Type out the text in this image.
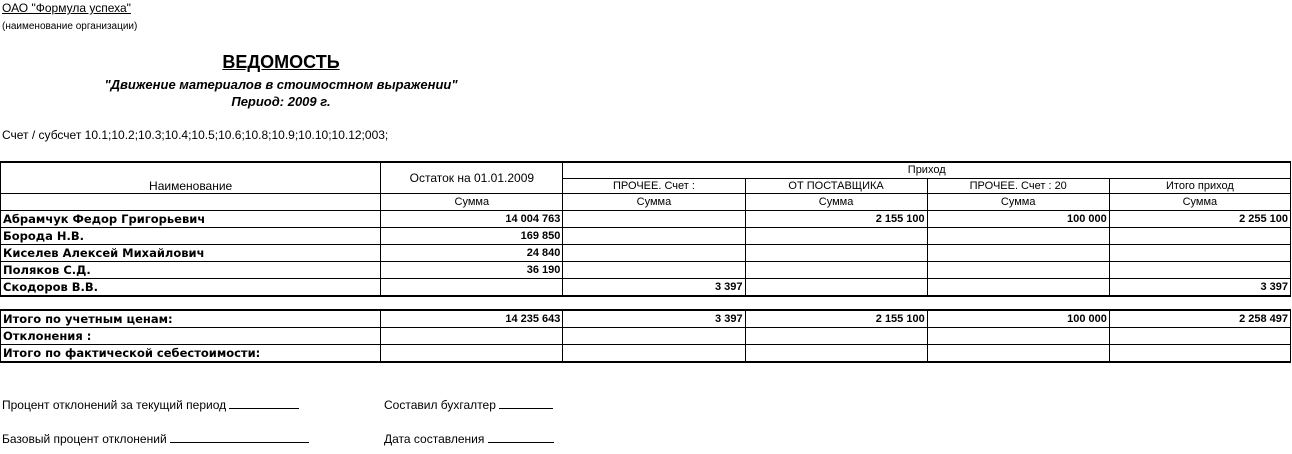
ОАО "Формула успеха"
(наименование организации)
ВЕДОМОСТЬ
"Движение материалов в стоимостном выражении"
Период: 2009 г.
Счет / субсчет 10.1;10.2;10.3;10.4;10.5;10.6;10.8;10.9;10.10;10.12;003;
Наименование	Остаток на 01.01.2009	Приход			
		ПРОЧЕЕ. Счет :	ОТ ПОСТАВЩИКА	ПРОЧЕЕ. Счет : 20	Итого приход
	Сумма	Сумма	Сумма	Сумма	Сумма
Абрамчук Федор Григорьевич	14 004 763		2 155 100	100 000	2 255 100
Борода Н.В.	169 850				
Киселев Алексей Михайлович	24 840				
Поляков С.Д.	36 190				
Скодоров В.В.		3 397			3 397
Итого по учетным ценам:	14 235 643	3 397	2 155 100	100 000	2 258 497
Отклонения :					
Итого по фактической себестоимости:					
Процент отклонений за текущий период	Составил бухгалтер
Базовый процент отклонений	Дата составления
